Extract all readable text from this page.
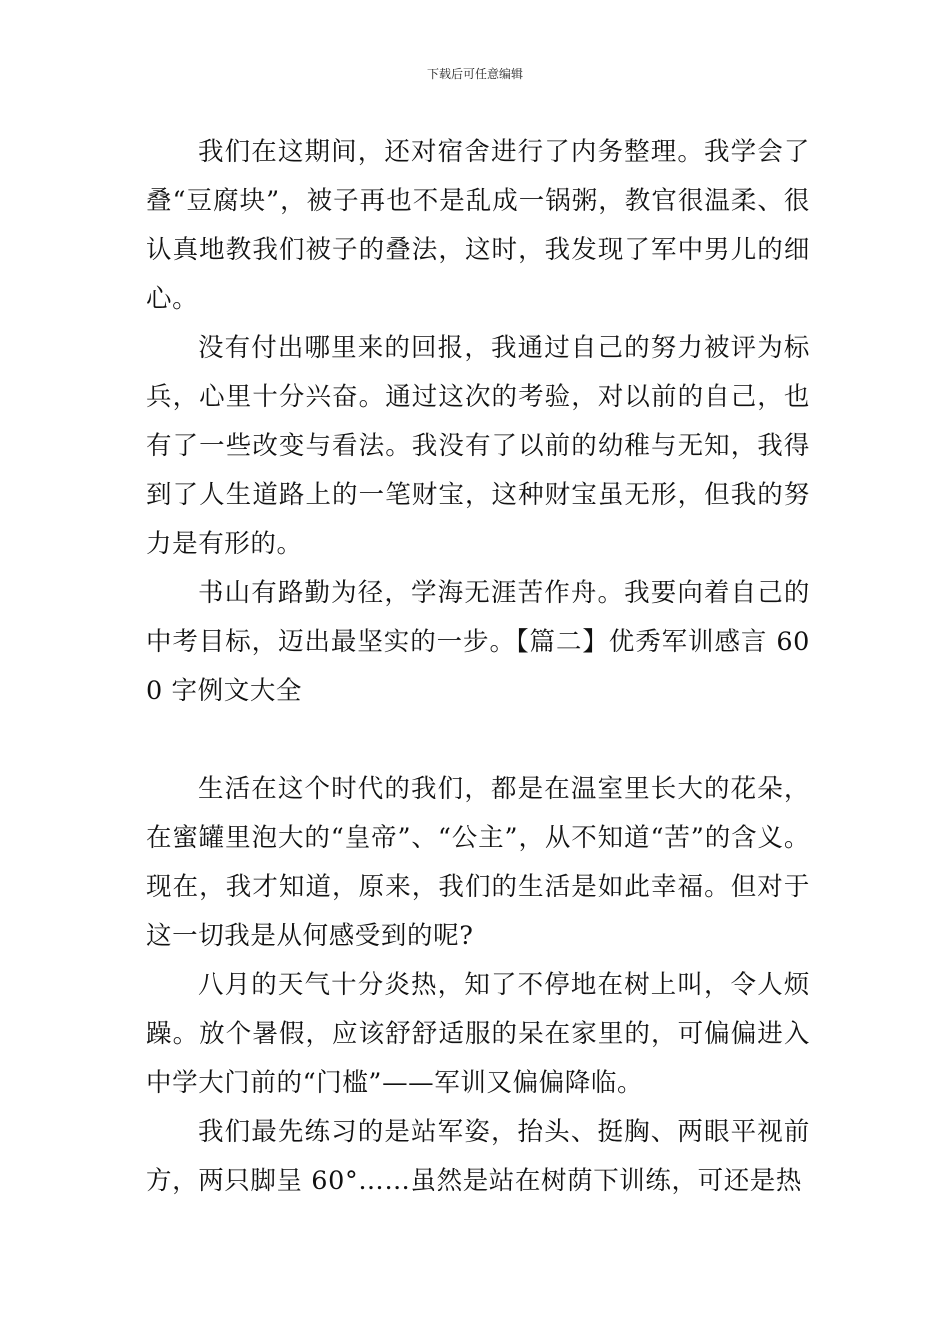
下载后可任意编辑

我们在这期间，还对宿舍进行了内务整理。我学会了叠“豆腐块”，被子再也不是乱成一锅粥，教官很温柔、很认真地教我们被子的叠法，这时，我发现了军中男儿的细心。

没有付出哪里来的回报，我通过自己的努力被评为标兵，心里十分兴奋。通过这次的考验，对以前的自己，也有了一些改变与看法。我没有了以前的幼稚与无知，我得到了人生道路上的一笔财宝，这种财宝虽无形，但我的努力是有形的。

书山有路勤为径，学海无涯苦作舟。我要向着自己的中考目标，迈出最坚实的一步。【篇二】优秀军训感言 600 字例文大全

生活在这个时代的我们，都是在温室里长大的花朵，在蜜罐里泡大的“皇帝”、“公主”，从不知道“苦”的含义。现在，我才知道，原来，我们的生活是如此幸福。但对于这一切我是从何感受到的呢?

八月的天气十分炎热，知了不停地在树上叫，令人烦躁。放个暑假，应该舒舒适服的呆在家里的，可偏偏进入中学大门前的“门槛”——军训又偏偏降临。

我们最先练习的是站军姿，抬头、挺胸、两眼平视前方，两只脚呈 60°……虽然是站在树荫下训练，可还是热
